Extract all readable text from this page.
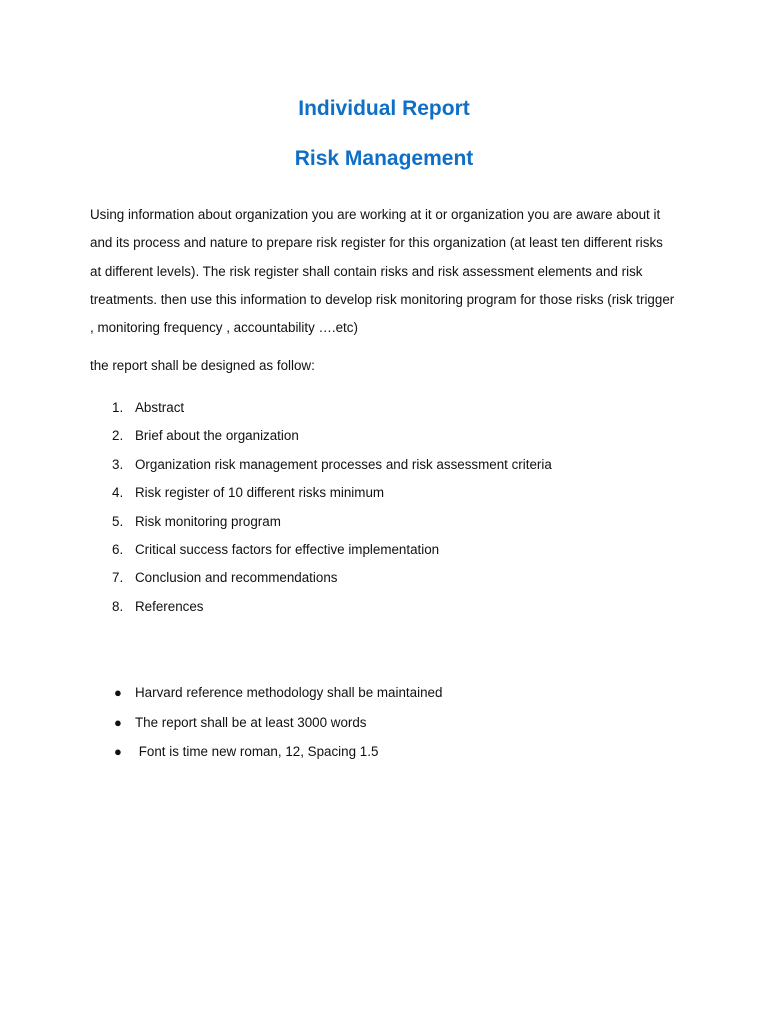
Individual Report
Risk Management

Using information about organization you are working at it or organization you are aware about it and its process and nature to prepare risk register for this organization (at least ten different risks at different levels). The risk register shall contain risks and risk assessment elements and risk treatments. then use this information to develop risk monitoring program for those risks (risk trigger , monitoring frequency , accountability ….etc)

the report shall be designed as follow:

1. Abstract
2. Brief about the organization
3. Organization risk management processes and risk assessment criteria
4. Risk register of 10 different risks minimum
5. Risk monitoring program
6. Critical success factors for effective implementation
7. Conclusion and recommendations
8. References
● Harvard reference methodology shall be maintained
● The report shall be at least 3000 words
● Font is time new roman, 12, Spacing 1.5
